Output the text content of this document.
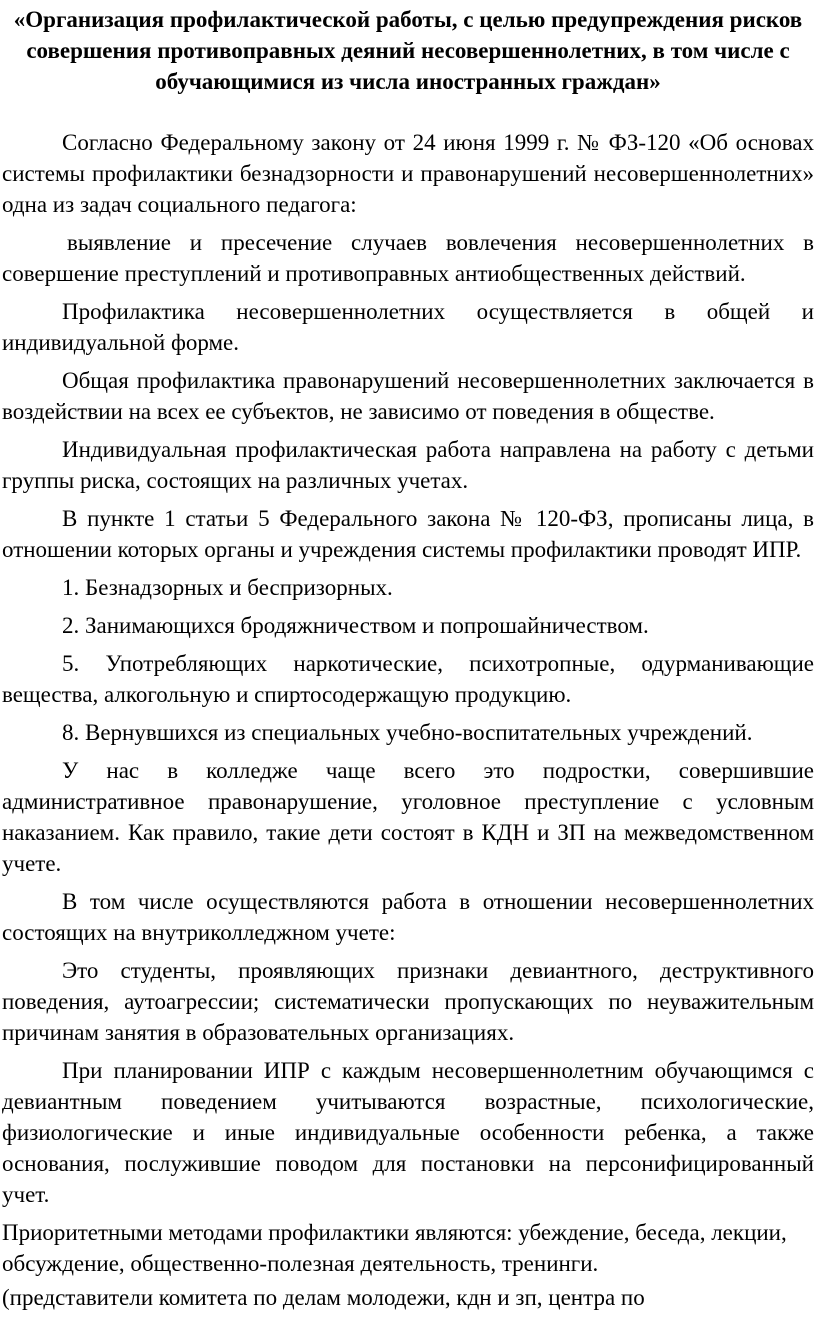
«Организация профилактической работы, с целью предупреждения рисков совершения противоправных деяний несовершеннолетних, в том числе с обучающимися из числа иностранных граждан»
Согласно Федеральному закону от 24 июня 1999 г. № ФЗ-120 «Об основах системы профилактики безнадзорности и правонарушений несовершеннолетних» одна из задач социального педагога:
выявление и пресечение случаев вовлечения несовершеннолетних в совершение преступлений и противоправных антиобщественных действий.
Профилактика несовершеннолетних осуществляется в общей и индивидуальной форме.
Общая профилактика правонарушений несовершеннолетних заключается в воздействии на всех ее субъектов, не зависимо от поведения в обществе.
Индивидуальная профилактическая работа направлена на работу с детьми группы риска, состоящих на различных учетах.
В пункте 1 статьи 5 Федерального закона № 120-ФЗ, прописаны лица, в отношении которых органы и учреждения системы профилактики проводят ИПР.
1. Безнадзорных и беспризорных.
2. Занимающихся бродяжничеством и попрошайничеством.
5. Употребляющих наркотические, психотропные, одурманивающие вещества, алкогольную и спиртосодержащую продукцию.
8. Вернувшихся из специальных учебно-воспитательных учреждений.
У нас в колледже чаще всего это подростки, совершившие административное правонарушение, уголовное преступление с условным наказанием. Как правило, такие дети состоят в КДН и ЗП на межведомственном учете.
В том числе осуществляются работа в отношении несовершеннолетних состоящих на внутриколледжном учете:
Это студенты, проявляющих признаки девиантного, деструктивного поведения, аутоагрессии; систематически пропускающих по неуважительным причинам занятия в образовательных организациях.
При планировании ИПР с каждым несовершеннолетним обучающимся с девиантным поведением учитываются возрастные, психологические, физиологические и иные индивидуальные особенности ребенка, а также основания, послужившие поводом для постановки на персонифицированный учет.
Приоритетными методами профилактики являются: убеждение, беседа, лекции, обсуждение, общественно-полезная деятельность, тренинги.
(представители комитета по делам молодежи, кдн и зп, центра по
